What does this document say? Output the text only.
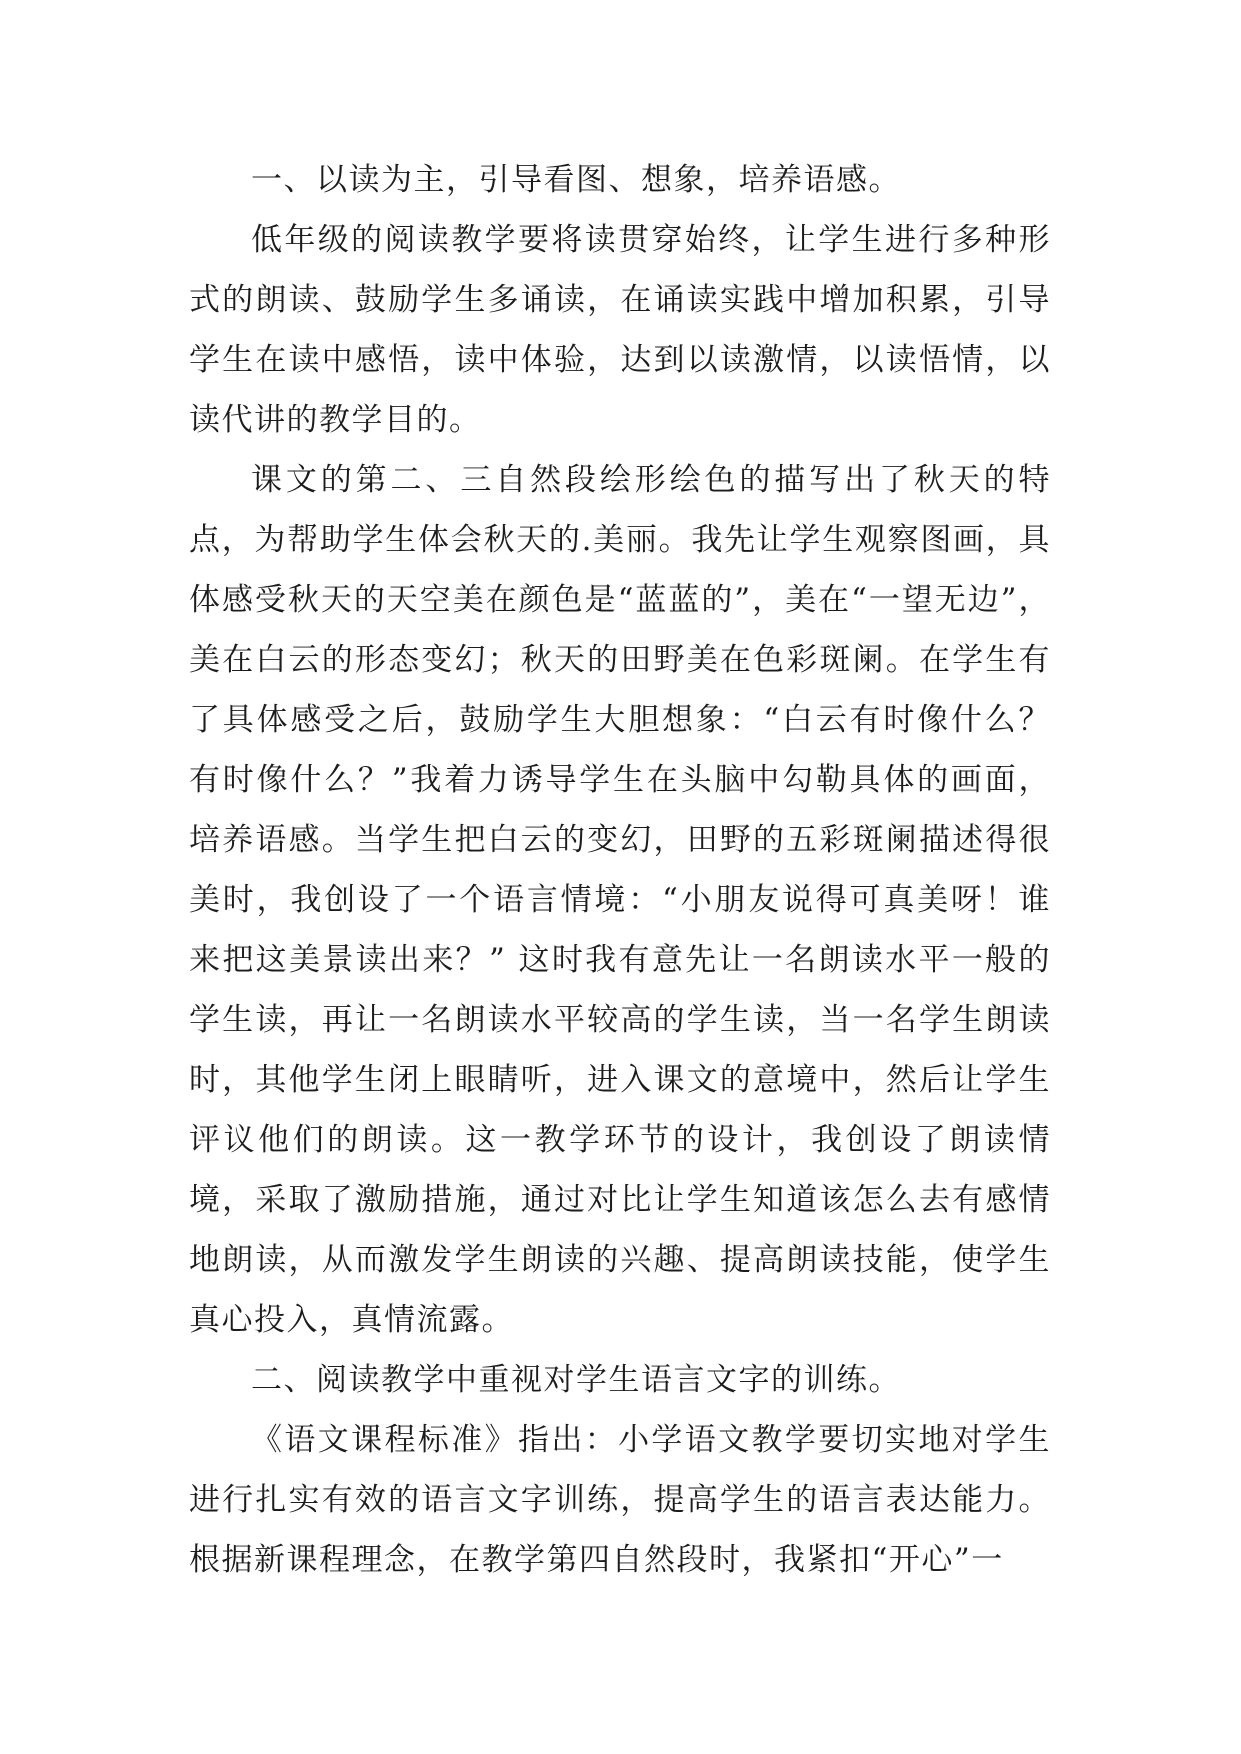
一、以读为主，引导看图、想象，培养语感。

低年级的阅读教学要将读贯穿始终，让学生进行多种形式的朗读、鼓励学生多诵读，在诵读实践中增加积累，引导学生在读中感悟，读中体验，达到以读激情，以读悟情，以读代讲的教学目的。

课文的第二、三自然段绘形绘色的描写出了秋天的特点，为帮助学生体会秋天的.美丽。我先让学生观察图画，具体感受秋天的天空美在颜色是“蓝蓝的”，美在“一望无边”，美在白云的形态变幻；秋天的田野美在色彩斑阑。在学生有了具体感受之后，鼓励学生大胆想象：“白云有时像什么？有时像什么？”我着力诱导学生在头脑中勾勒具体的画面，培养语感。当学生把白云的变幻，田野的五彩斑阑描述得很美时，我创设了一个语言情境：“小朋友说得可真美呀！谁来把这美景读出来？” 这时我有意先让一名朗读水平一般的学生读，再让一名朗读水平较高的学生读，当一名学生朗读时，其他学生闭上眼睛听，进入课文的意境中，然后让学生评议他们的朗读。这一教学环节的设计，我创设了朗读情境，采取了激励措施，通过对比让学生知道该怎么去有感情地朗读，从而激发学生朗读的兴趣、提高朗读技能，使学生真心投入，真情流露。

二、阅读教学中重视对学生语言文字的训练。

《语文课程标准》指出：小学语文教学要切实地对学生进行扎实有效的语言文字训练，提高学生的语言表达能力。根据新课程理念，在教学第四自然段时，我紧扣“开心”一
